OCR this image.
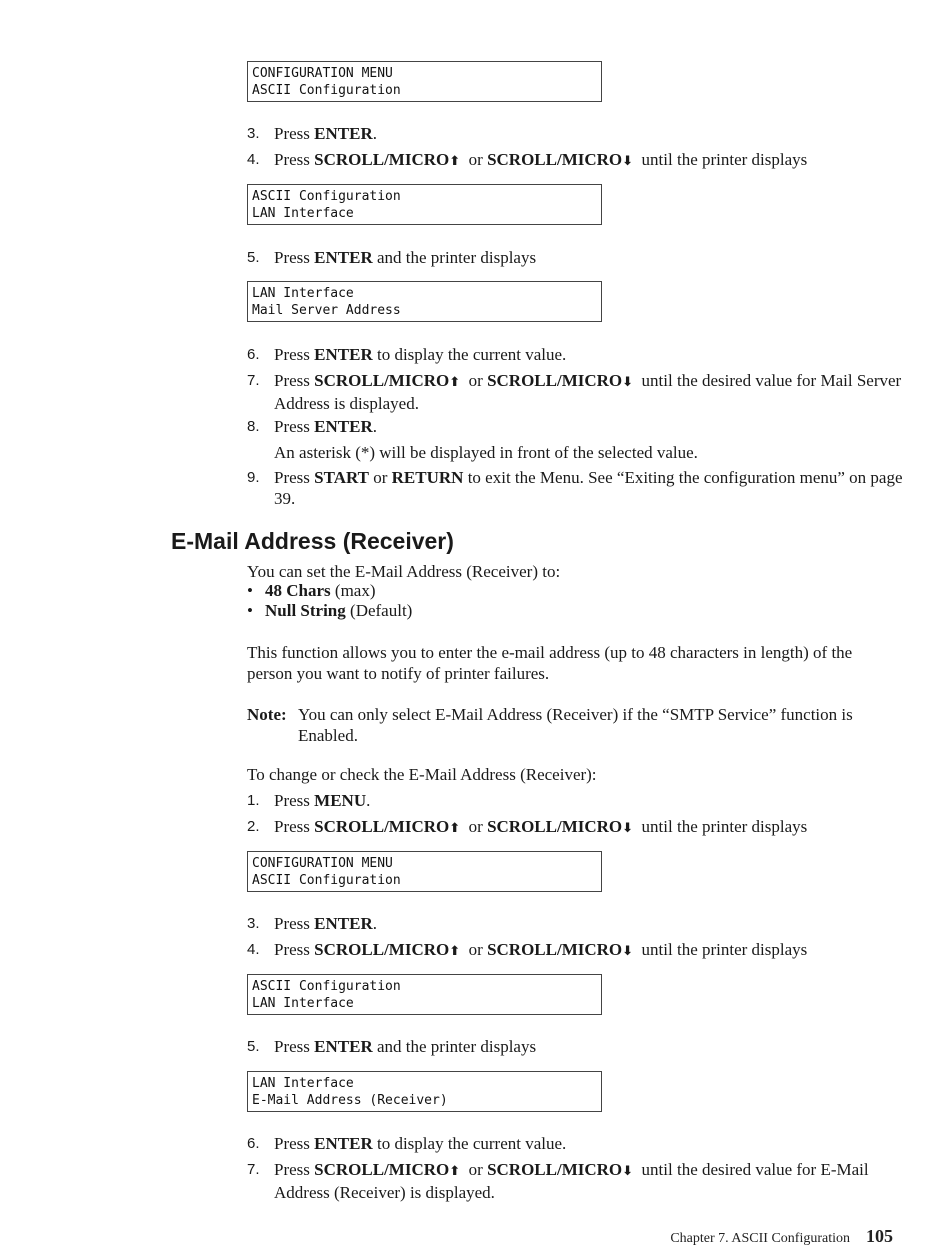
CONFIGURATION MENU
ASCII Configuration
3. Press ENTER.
4. Press SCROLL/MICRO⬆ or SCROLL/MICRO⬇ until the printer displays
ASCII Configuration
LAN Interface
5. Press ENTER and the printer displays
LAN Interface
Mail Server Address
6. Press ENTER to display the current value.
7. Press SCROLL/MICRO⬆ or SCROLL/MICRO⬇ until the desired value for Mail Server Address is displayed.
8. Press ENTER.
An asterisk (*) will be displayed in front of the selected value.
9. Press START or RETURN to exit the Menu. See “Exiting the configuration menu” on page 39.
E-Mail Address (Receiver)
You can set the E-Mail Address (Receiver) to:
• 48 Chars (max)
• Null String (Default)
This function allows you to enter the e-mail address (up to 48 characters in length) of the person you want to notify of printer failures.
Note: You can only select E-Mail Address (Receiver) if the “SMTP Service” function is Enabled.
To change or check the E-Mail Address (Receiver):
1. Press MENU.
2. Press SCROLL/MICRO⬆ or SCROLL/MICRO⬇ until the printer displays
CONFIGURATION MENU
ASCII Configuration
3. Press ENTER.
4. Press SCROLL/MICRO⬆ or SCROLL/MICRO⬇ until the printer displays
ASCII Configuration
LAN Interface
5. Press ENTER and the printer displays
LAN Interface
E-Mail Address (Receiver)
6. Press ENTER to display the current value.
7. Press SCROLL/MICRO⬆ or SCROLL/MICRO⬇ until the desired value for E-Mail Address (Receiver) is displayed.
Chapter 7. ASCII Configuration 105
